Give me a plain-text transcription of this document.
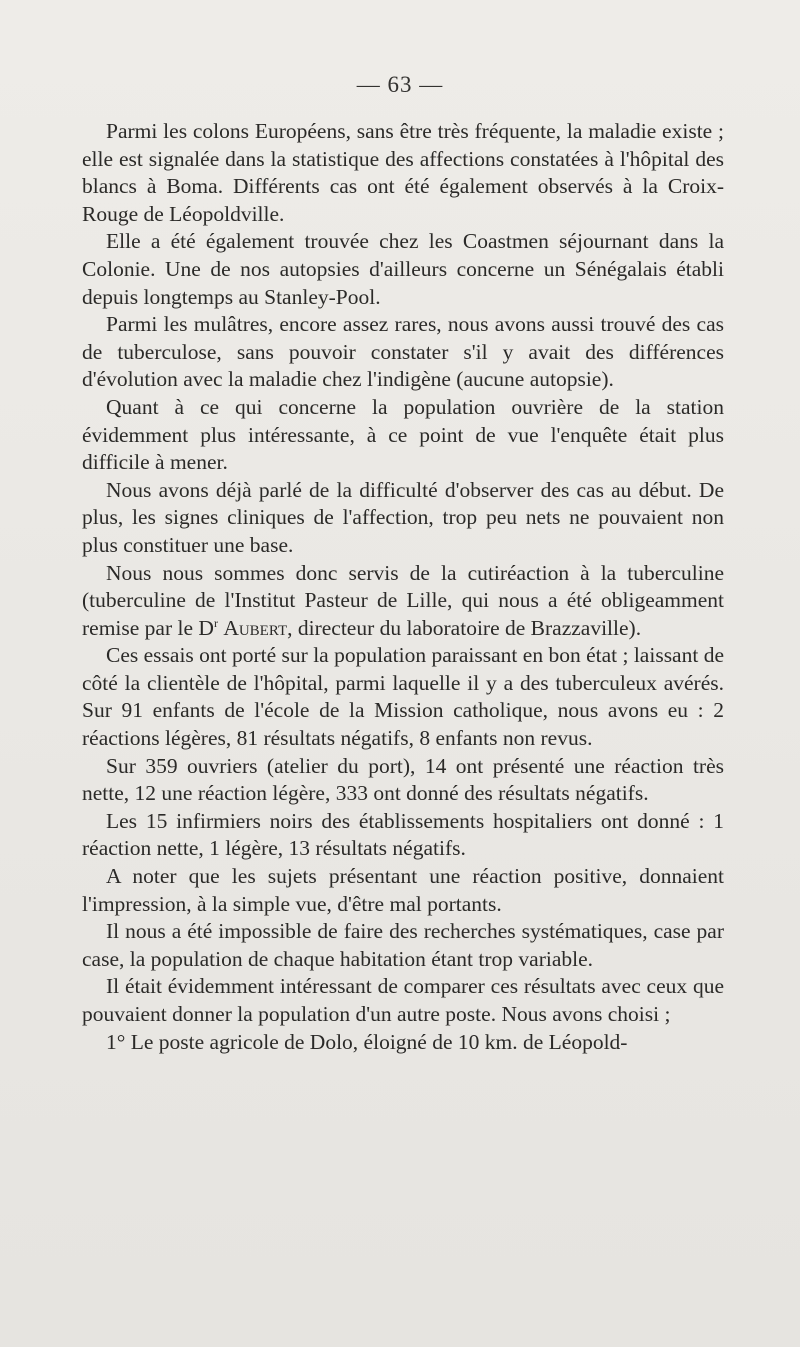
— 63 —

Parmi les colons Européens, sans être très fréquente, la maladie existe ; elle est signalée dans la statistique des affections constatées à l'hôpital des blancs à Boma. Différents cas ont été également observés à la Croix-Rouge de Léopoldville.

Elle a été également trouvée chez les Coastmen séjournant dans la Colonie. Une de nos autopsies d'ailleurs concerne un Sénégalais établi depuis longtemps au Stanley-Pool.

Parmi les mulâtres, encore assez rares, nous avons aussi trouvé des cas de tuberculose, sans pouvoir constater s'il y avait des différences d'évolution avec la maladie chez l'indigène (aucune autopsie).

Quant à ce qui concerne la population ouvrière de la station évidemment plus intéressante, à ce point de vue l'enquête était plus difficile à mener.

Nous avons déjà parlé de la difficulté d'observer des cas au début. De plus, les signes cliniques de l'affection, trop peu nets ne pouvaient non plus constituer une base.

Nous nous sommes donc servis de la cutiréaction à la tuberculine (tuberculine de l'Institut Pasteur de Lille, qui nous a été obligeamment remise par le $D^r$ Aubert, directeur du laboratoire de Brazzaville).

Ces essais ont porté sur la population paraissant en bon état ; laissant de côté la clientèle de l'hôpital, parmi laquelle il y a des tuberculeux avérés. Sur 91 enfants de l'école de la Mission catholique, nous avons eu : 2 réactions légères, 81 résultats négatifs, 8 enfants non revus.

Sur 359 ouvriers (atelier du port), 14 ont présenté une réaction très nette, 12 une réaction légère, 333 ont donné des résultats négatifs.

Les 15 infirmiers noirs des établissements hospitaliers ont donné : 1 réaction nette, 1 légère, 13 résultats négatifs.

A noter que les sujets présentant une réaction positive, donnaient l'impression, à la simple vue, d'être mal portants.

Il nous a été impossible de faire des recherches systématiques, case par case, la population de chaque habitation étant trop variable.

Il était évidemment intéressant de comparer ces résultats avec ceux que pouvaient donner la population d'un autre poste. Nous avons choisi ;

1° Le poste agricole de Dolo, éloigné de 10 km. de Léopold-
